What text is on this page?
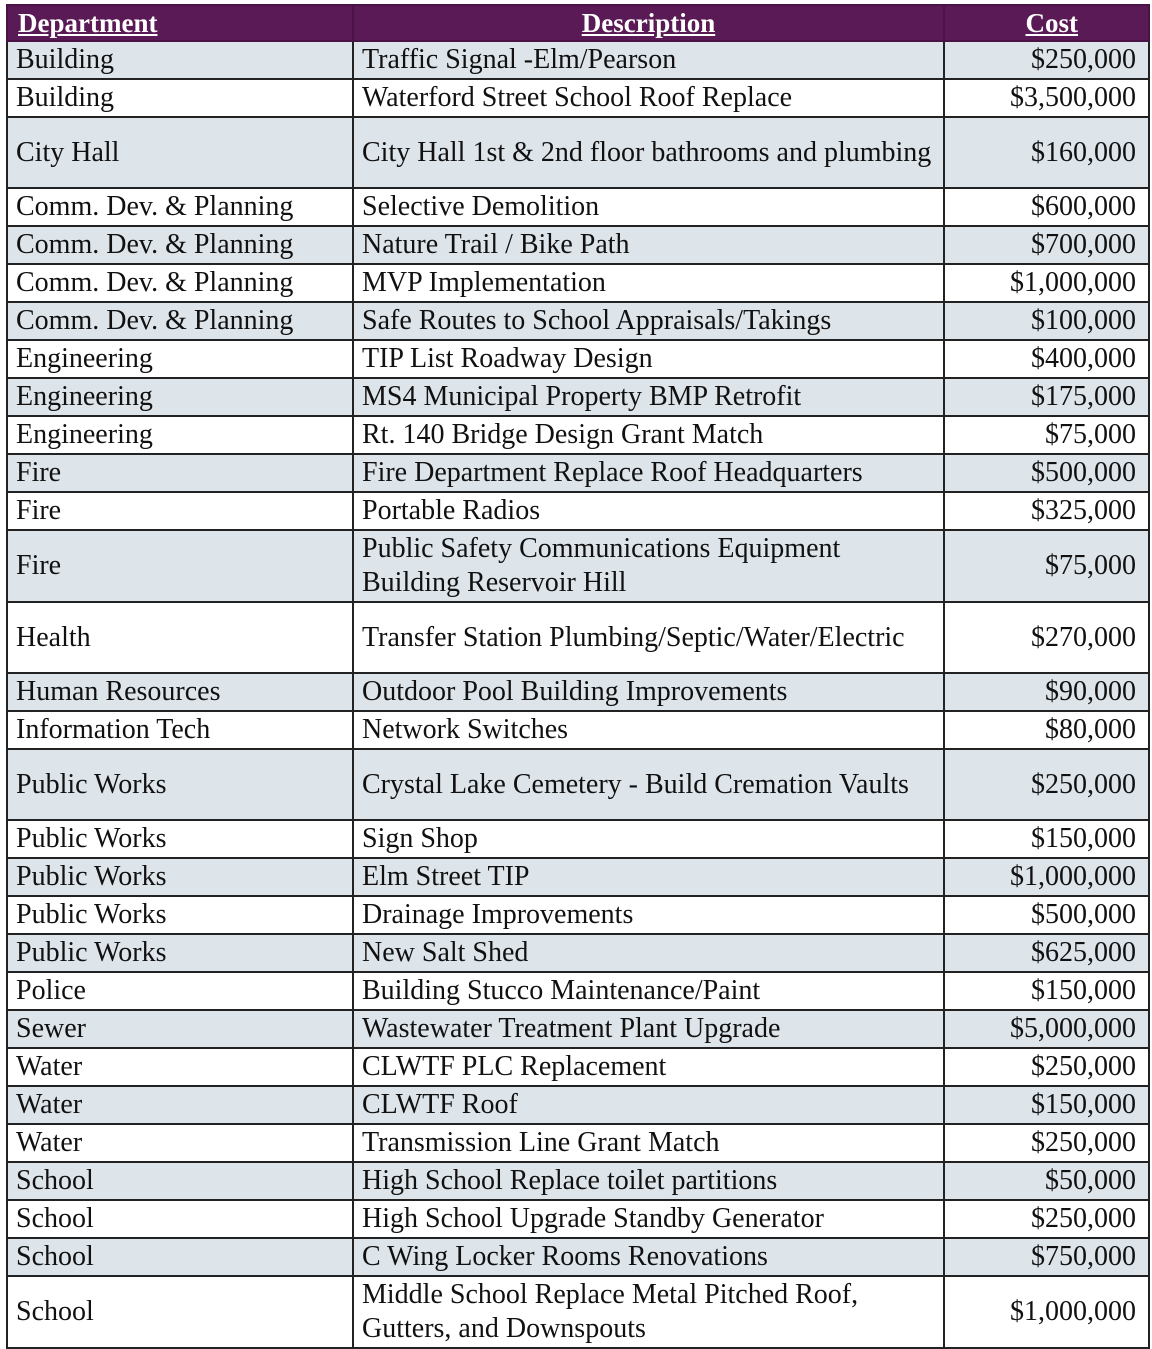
Department	Description	Cost
Building	Traffic Signal -Elm/Pearson	$250,000
Building	Waterford Street School Roof Replace	$3,500,000
City Hall	City Hall 1st & 2nd floor bathrooms and plumbing	$160,000
Comm. Dev. & Planning	Selective Demolition	$600,000
Comm. Dev. & Planning	Nature Trail / Bike Path	$700,000
Comm. Dev. & Planning	MVP Implementation	$1,000,000
Comm. Dev. & Planning	Safe Routes to School Appraisals/Takings	$100,000
Engineering	TIP List Roadway Design	$400,000
Engineering	MS4 Municipal Property BMP Retrofit	$175,000
Engineering	Rt. 140 Bridge Design Grant Match	$75,000
Fire	Fire Department Replace Roof Headquarters	$500,000
Fire	Portable Radios	$325,000
Fire	Public Safety Communications Equipment Building Reservoir Hill	$75,000
Health	Transfer Station Plumbing/Septic/Water/Electric	$270,000
Human Resources	Outdoor Pool Building Improvements	$90,000
Information Tech	Network Switches	$80,000
Public Works	Crystal Lake Cemetery - Build Cremation Vaults	$250,000
Public Works	Sign Shop	$150,000
Public Works	Elm Street TIP	$1,000,000
Public Works	Drainage Improvements	$500,000
Public Works	New Salt Shed	$625,000
Police	Building Stucco Maintenance/Paint	$150,000
Sewer	Wastewater Treatment Plant Upgrade	$5,000,000
Water	CLWTF PLC Replacement	$250,000
Water	CLWTF Roof	$150,000
Water	Transmission Line Grant Match	$250,000
School	High School Replace toilet partitions	$50,000
School	High School Upgrade Standby Generator	$250,000
School	C Wing Locker Rooms Renovations	$750,000
School	Middle School Replace Metal Pitched Roof, Gutters, and Downspouts	$1,000,000
